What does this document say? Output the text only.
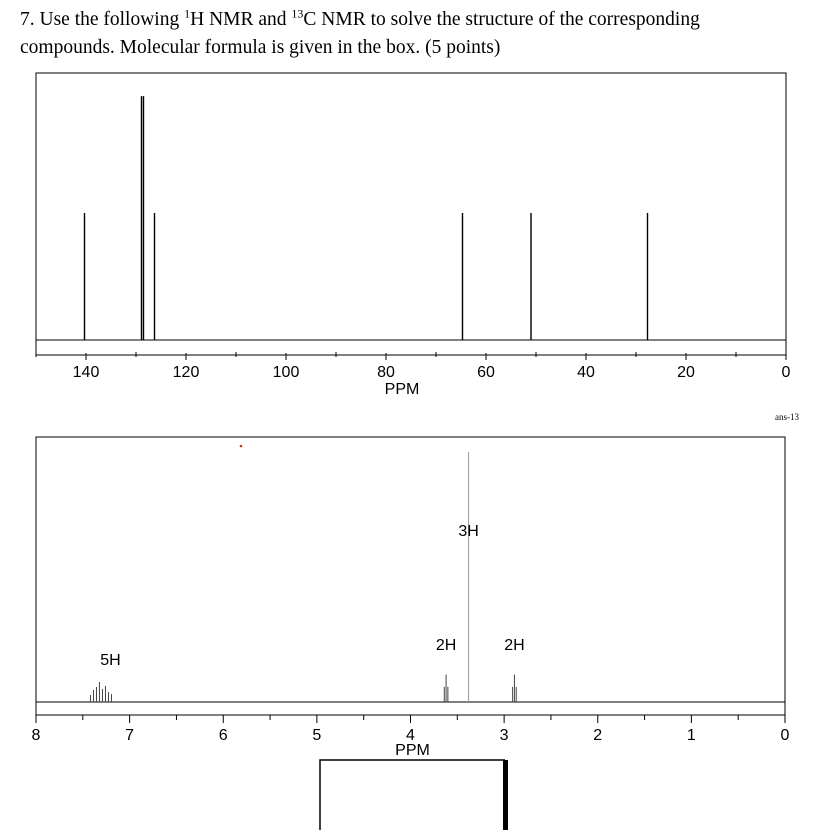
7. Use the following $^1$H NMR and $^{13}$C NMR to solve the structure of the corresponding
compounds. Molecular formula is given in the box. (5 points)
140	120	100	80	60	40	20	0
PPM
ans-13
5H
2H
3H
2H
8	7	6	5	4	3	2	1	0
PPM
